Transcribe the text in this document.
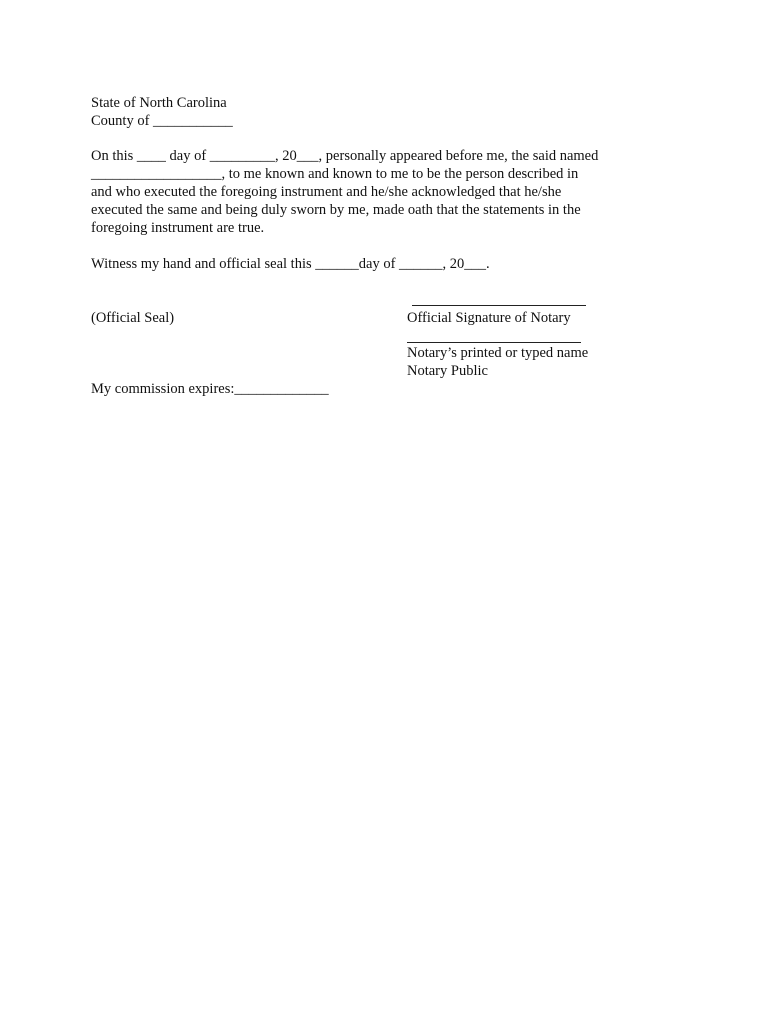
State of North Carolina
County of ___________
On this ____ day of _________, 20___, personally appeared before me, the said named
__________________, to me known and known to me to be the person described in
and who executed the foregoing instrument and he/she acknowledged that he/she
executed the same and being duly sworn by me, made oath that the statements in the
foregoing instrument are true.
Witness my hand and official seal this ______day of ______, 20___.
(Official Seal)	Official Signature of Notary
Notary’s printed or typed name
Notary Public
My commission expires:_____________
